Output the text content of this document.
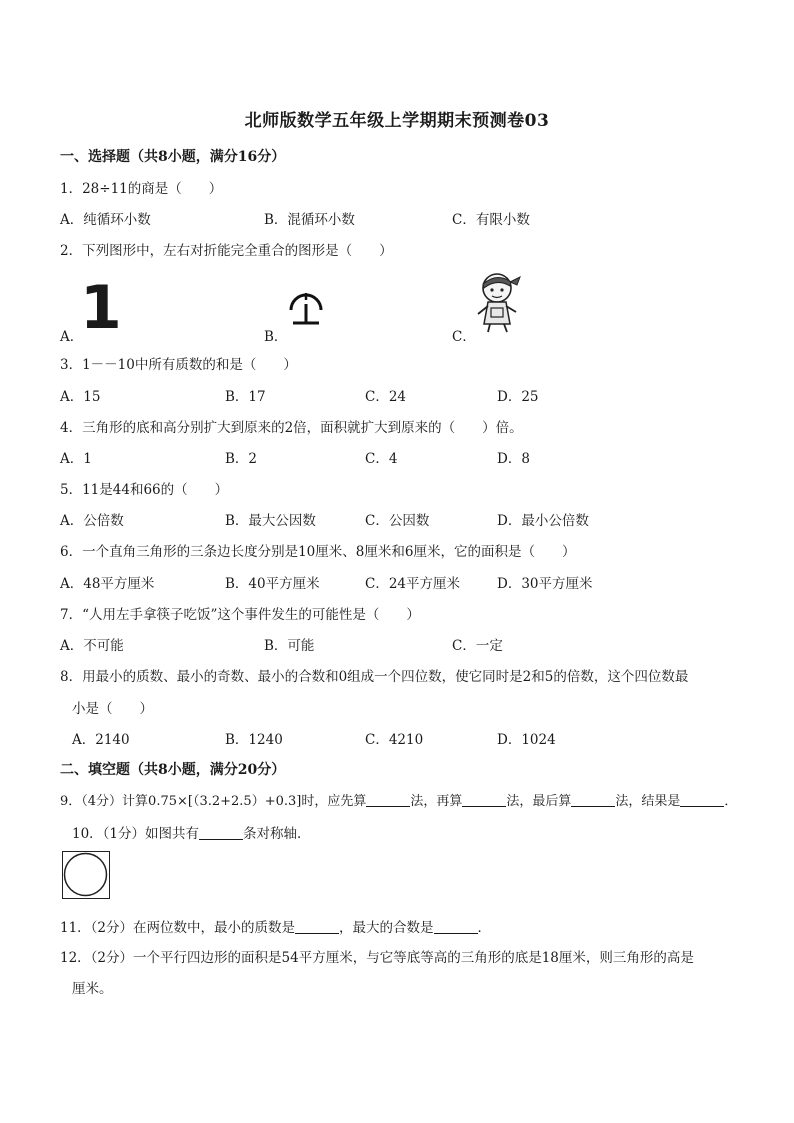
北师版数学五年级上学期期末预测卷03
一、选择题（共8小题，满分16分）
1．28÷11的商是（　　）
A．纯循环小数	B．混循环小数	C．有限小数
2．下列图形中，左右对折能完全重合的图形是（　　）
A．
1	B．	C．
3．1－－10中所有质数的和是（　　）
A．15	B．17	C．24	D．25
4．三角形的底和高分别扩大到原来的2倍，面积就扩大到原来的（　　）倍。
A．1	B．2	C．4	D．8
5．11是44和66的（　　）
A．公倍数	B．最大公因数	C．公因数	D．最小公倍数
6．一个直角三角形的三条边长度分别是10厘米、8厘米和6厘米，它的面积是（　　）
A．48平方厘米	B．40平方厘米	C．24平方厘米	D．30平方厘米
7．“人用左手拿筷子吃饭”这个事件发生的可能性是（　　）
A．不可能	B．可能	C．一定
8．用最小的质数、最小的奇数、最小的合数和0组成一个四位数，使它同时是2和5的倍数，这个四位数最
小是（　　）
A．2140	B．1240	C．4210	D．1024
二、填空题（共8小题，满分20分）
9．（4分）计算0.75×[（3.2+2.5）+0.3]时，应先算	法，再算	法，最后算	法，结果是	．
10．（1分）如图共有	条对称轴．
11．（2分）在两位数中，最小的质数是	，最大的合数是	．
12．（2分）一个平行四边形的面积是54平方厘米，与它等底等高的三角形的底是18厘米，则三角形的高是
厘米。
